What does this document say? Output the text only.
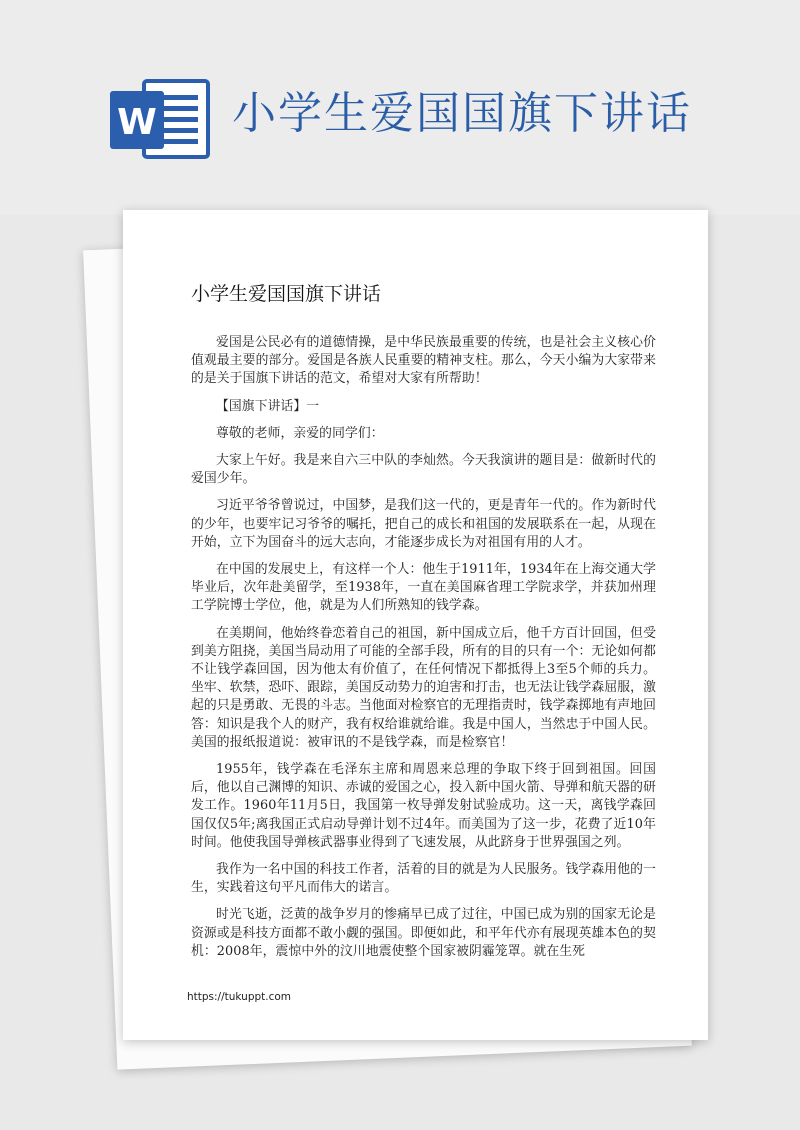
W 小学生爱国国旗下讲话
小学生爱国国旗下讲话

爱国是公民必有的道德情操，是中华民族最重要的传统，也是社会主义核心价值观最主要的部分。爱国是各族人民重要的精神支柱。那么，今天小编为大家带来的是关于国旗下讲话的范文，希望对大家有所帮助！

【国旗下讲话】一

尊敬的老师，亲爱的同学们：

大家上午好。我是来自六三中队的李灿然。今天我演讲的题目是：做新时代的爱国少年。

习近平爷爷曾说过，中国梦，是我们这一代的，更是青年一代的。作为新时代的少年，也要牢记习爷爷的嘱托，把自己的成长和祖国的发展联系在一起，从现在开始，立下为国奋斗的远大志向，才能逐步成长为对祖国有用的人才。

在中国的发展史上，有这样一个人：他生于1911年，1934年在上海交通大学毕业后，次年赴美留学，至1938年，一直在美国麻省理工学院求学，并获加州理工学院博士学位，他，就是为人们所熟知的钱学森。

在美期间，他始终眷恋着自己的祖国，新中国成立后，他千方百计回国，但受到美方阻挠，美国当局动用了可能的全部手段，所有的目的只有一个：无论如何都不让钱学森回国，因为他太有价值了，在任何情况下都抵得上3至5个师的兵力。坐牢、软禁，恐吓、跟踪，美国反动势力的迫害和打击，也无法让钱学森屈服，激起的只是勇敢、无畏的斗志。当他面对检察官的无理指责时，钱学森掷地有声地回答：知识是我个人的财产，我有权给谁就给谁。我是中国人，当然忠于中国人民。美国的报纸报道说：被审讯的不是钱学森，而是检察官！

1955年，钱学森在毛泽东主席和周恩来总理的争取下终于回到祖国。回国后，他以自己渊博的知识、赤诚的爱国之心，投入新中国火箭、导弹和航天器的研发工作。1960年11月5日，我国第一枚导弹发射试验成功。这一天，离钱学森回国仅仅5年;离我国正式启动导弹计划不过4年。而美国为了这一步，花费了近10年时间。他使我国导弹核武器事业得到了飞速发展，从此跻身于世界强国之列。

我作为一名中国的科技工作者，活着的目的就是为人民服务。钱学森用他的一生，实践着这句平凡而伟大的诺言。

时光飞逝，泛黄的战争岁月的惨痛早已成了过往，中国已成为别的国家无论是资源或是科技方面都不敢小觑的强国。即便如此，和平年代亦有展现英雄本色的契机：2008年，震惊中外的汶川地震使整个国家被阴霾笼罩。就在生死

https://tukuppt.com
